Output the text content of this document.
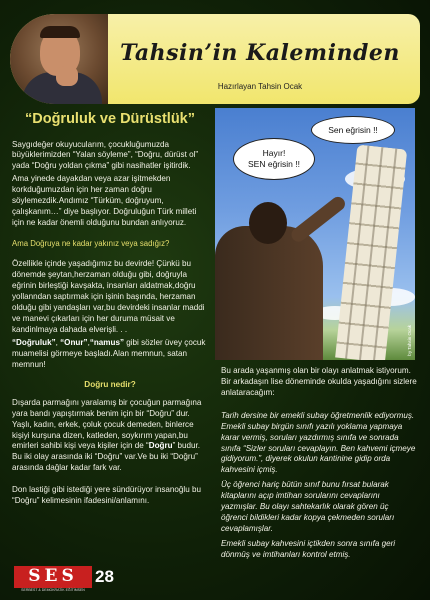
Tahsin’in Kaleminden
Hazırlayan Tahsin Ocak
“Doğruluk ve Dürüstlük”
Saygıdeğer okuyucularım, çocukluğumuzda büyüklerimizden “Yalan söyleme”, “Doğru, dürüst ol” yada “Doğru yoldan çıkma” gibi nasihatler işitirdik.
Ama yinede dayakdan veya azar işitmekden korkduğumuzdan için her zaman doğru söylemezdik.Andımız “Türküm, doğruyum, çalışkanım…” diye başlıyor. Doğruluğun Türk milleti için ne kadar önemli olduğunu bundan anlıyoruz.
Ama Doğruya ne kadar yakınız veya sadığız?
Özellikle içinde yaşadığımız bu devirde! Çünkü bu dönemde şeytan,herzaman olduğu gibi, doğruyla eğrinin birleştiği kavşakta, insanları aldatmak,doğru yollanndan saptırmak için işinin başında, herzaman olduğu gibi yandaşları var,bu devirdeki insanlar maddi ve manevi çıkarları için her duruma müsait ve kandinlmaya dahada elverişli. . .
“Doğruluk”, “Onur”,“namus” gibi sözler üvey çocuk muamelisi görmeye başladı.Alan memnun, satan memnun!
Doğru nedir?
Dışarda parmağını yaralamış bir çocuğun parmağına yara bandı yapıştırmak benim için bir “Doğru” dur. Yaşlı, kadın, erkek, çoluk çocuk demeden, binlerce kişiyi kurşuna dizen, katleden, soykırım yapan,bu emirleri sahibi kişi veya kişiler için de “Doğru” budur. Bu iki olay arasında iki “Doğru” var.Ve bu iki “Doğru” arasında dağlar kadar fark var.
Don lastiği gibi istediği yere sündürüyor insanoğlu bu “Doğru” kelimesinin ifadesini/anlamını.
Sen eğrisin !!
Hayır!
SEN eğrisin !!
by Tahsin Ocak
Bu arada yaşanmış olan bir olayı anlatmak istiyorum. Bir arkadaşın lise döneminde okulda yaşadığını sizlere anlataracağım:
Tarih dersine bir emekli subay öğretmenlik ediyormuş. Emekli subay birgün sınıfı yazılı yoklama yapmaya karar vermiş, soruları yazdırmış sınıfa ve sonrada sınıfa “Sizler soruları cevaplayın. Ben kahvemi içmeye gidiyorum.”, diyerek okulun kantinine gidip orda kahvesini içmiş.
Üç öğrenci hariç bütün sınıf bunu fırsat bularak kitaplarını açıp imtihan sorularını cevaplarını yazmışlar. Bu olayı sahtekarlık olarak gören üç öğrenci bildikleri kadar kopya çekmeden soruları cevaplamışlar.
Emekli subay kahvesini içtikden sonra sınıfa geri dönmüş ve imtihanları kontrol etmiş.
SES
SERBEST & DEMOKRATİK EĞİTİMSEN
28
